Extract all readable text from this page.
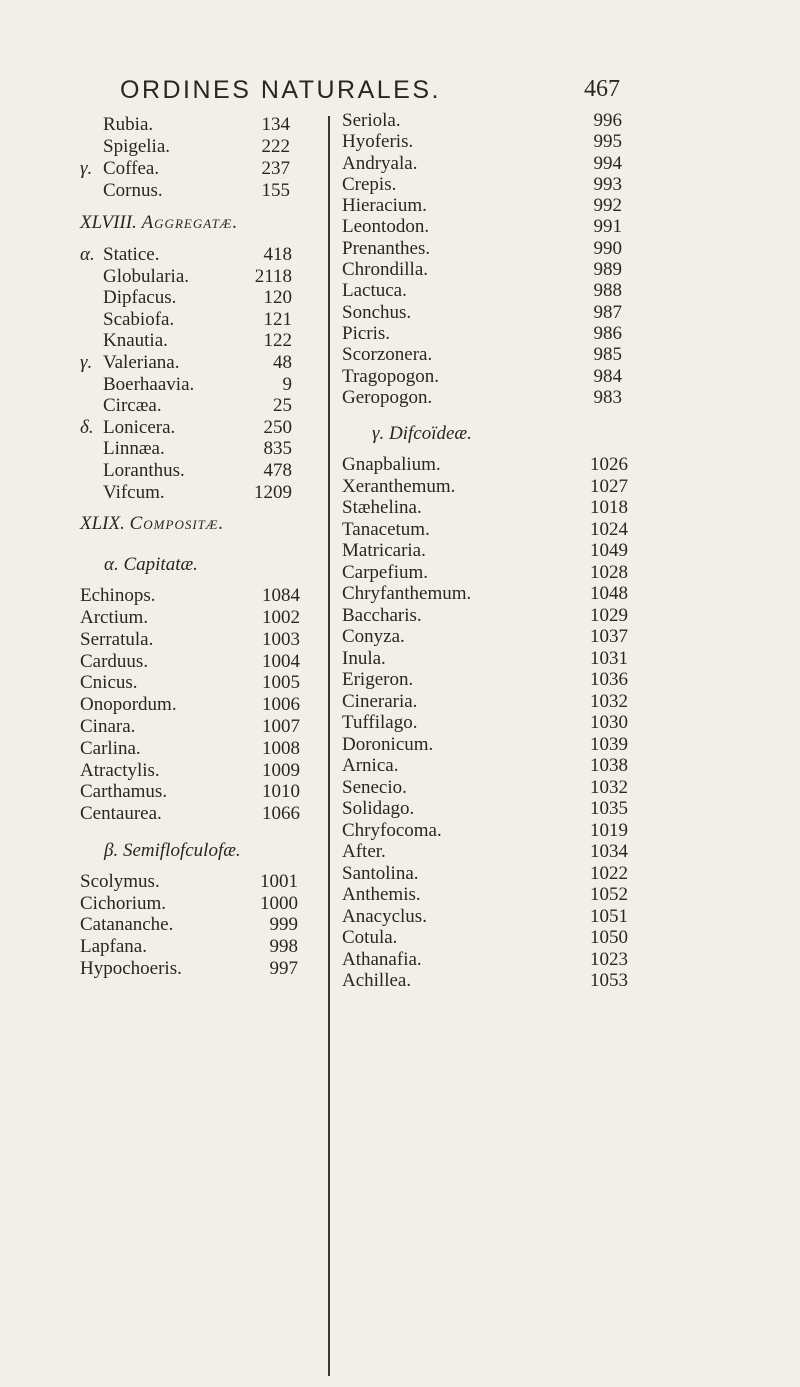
ORDINES NATURALES.	467
Rubia.	134
Spigelia.	222
γ. Coffea.	237
Cornus.	155
XLVIII. Aggregatæ.
α. Statice.	418
Globularia.	2118
Dipfacus.	120
Scabiofa.	121
Knautia.	122
γ. Valeriana.	48
Boerhaavia.	9
Circæa.	25
δ. Lonicera.	250
Linnæa.	835
Loranthus.	478
Vifcum.	1209
XLIX. Compositæ.
α. Capitatæ.
Echinops.	1084
Arctium.	1002
Serratula.	1003
Carduus.	1004
Cnicus.	1005
Onopordum.	1006
Cinara.	1007
Carlina.	1008
Atractylis.	1009
Carthamus.	1010
Centaurea.	1066
β. Semiflofculofæ.
Scolymus.	1001
Cichorium.	1000
Catananche.	999
Lapfana.	998
Hypochoeris.	997
Seriola.	996
Hyoferis.	995
Andryala.	994
Crepis.	993
Hieracium.	992
Leontodon.	991
Prenanthes.	990
Chrondilla.	989
Lactuca.	988
Sonchus.	987
Picris.	986
Scorzonera.	985
Tragopogon.	984
Geropogon.	983
γ. Difcoïdeæ.
Gnapbalium.	1026
Xeranthemum.	1027
Stæhelina.	1018
Tanacetum.	1024
Matricaria.	1049
Carpefium.	1028
Chryfanthemum.	1048
Baccharis.	1029
Conyza.	1037
Inula.	1031
Erigeron.	1036
Cineraria.	1032
Tuffilago.	1030
Doronicum.	1039
Arnica.	1038
Senecio.	1032
Solidago.	1035
Chryfocoma.	1019
After.	1034
Santolina.	1022
Anthemis.	1052
Anacyclus.	1051
Cotula.	1050
Athanafia.	1023
Achillea.	1053
